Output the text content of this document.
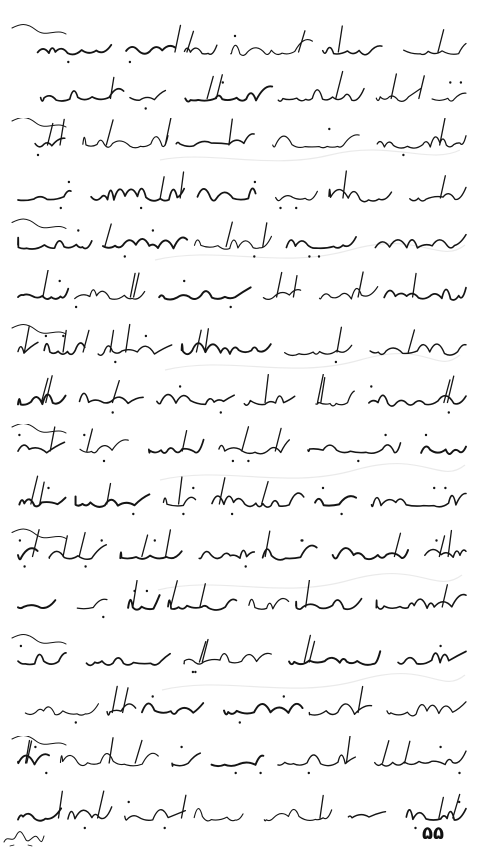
۵۵
